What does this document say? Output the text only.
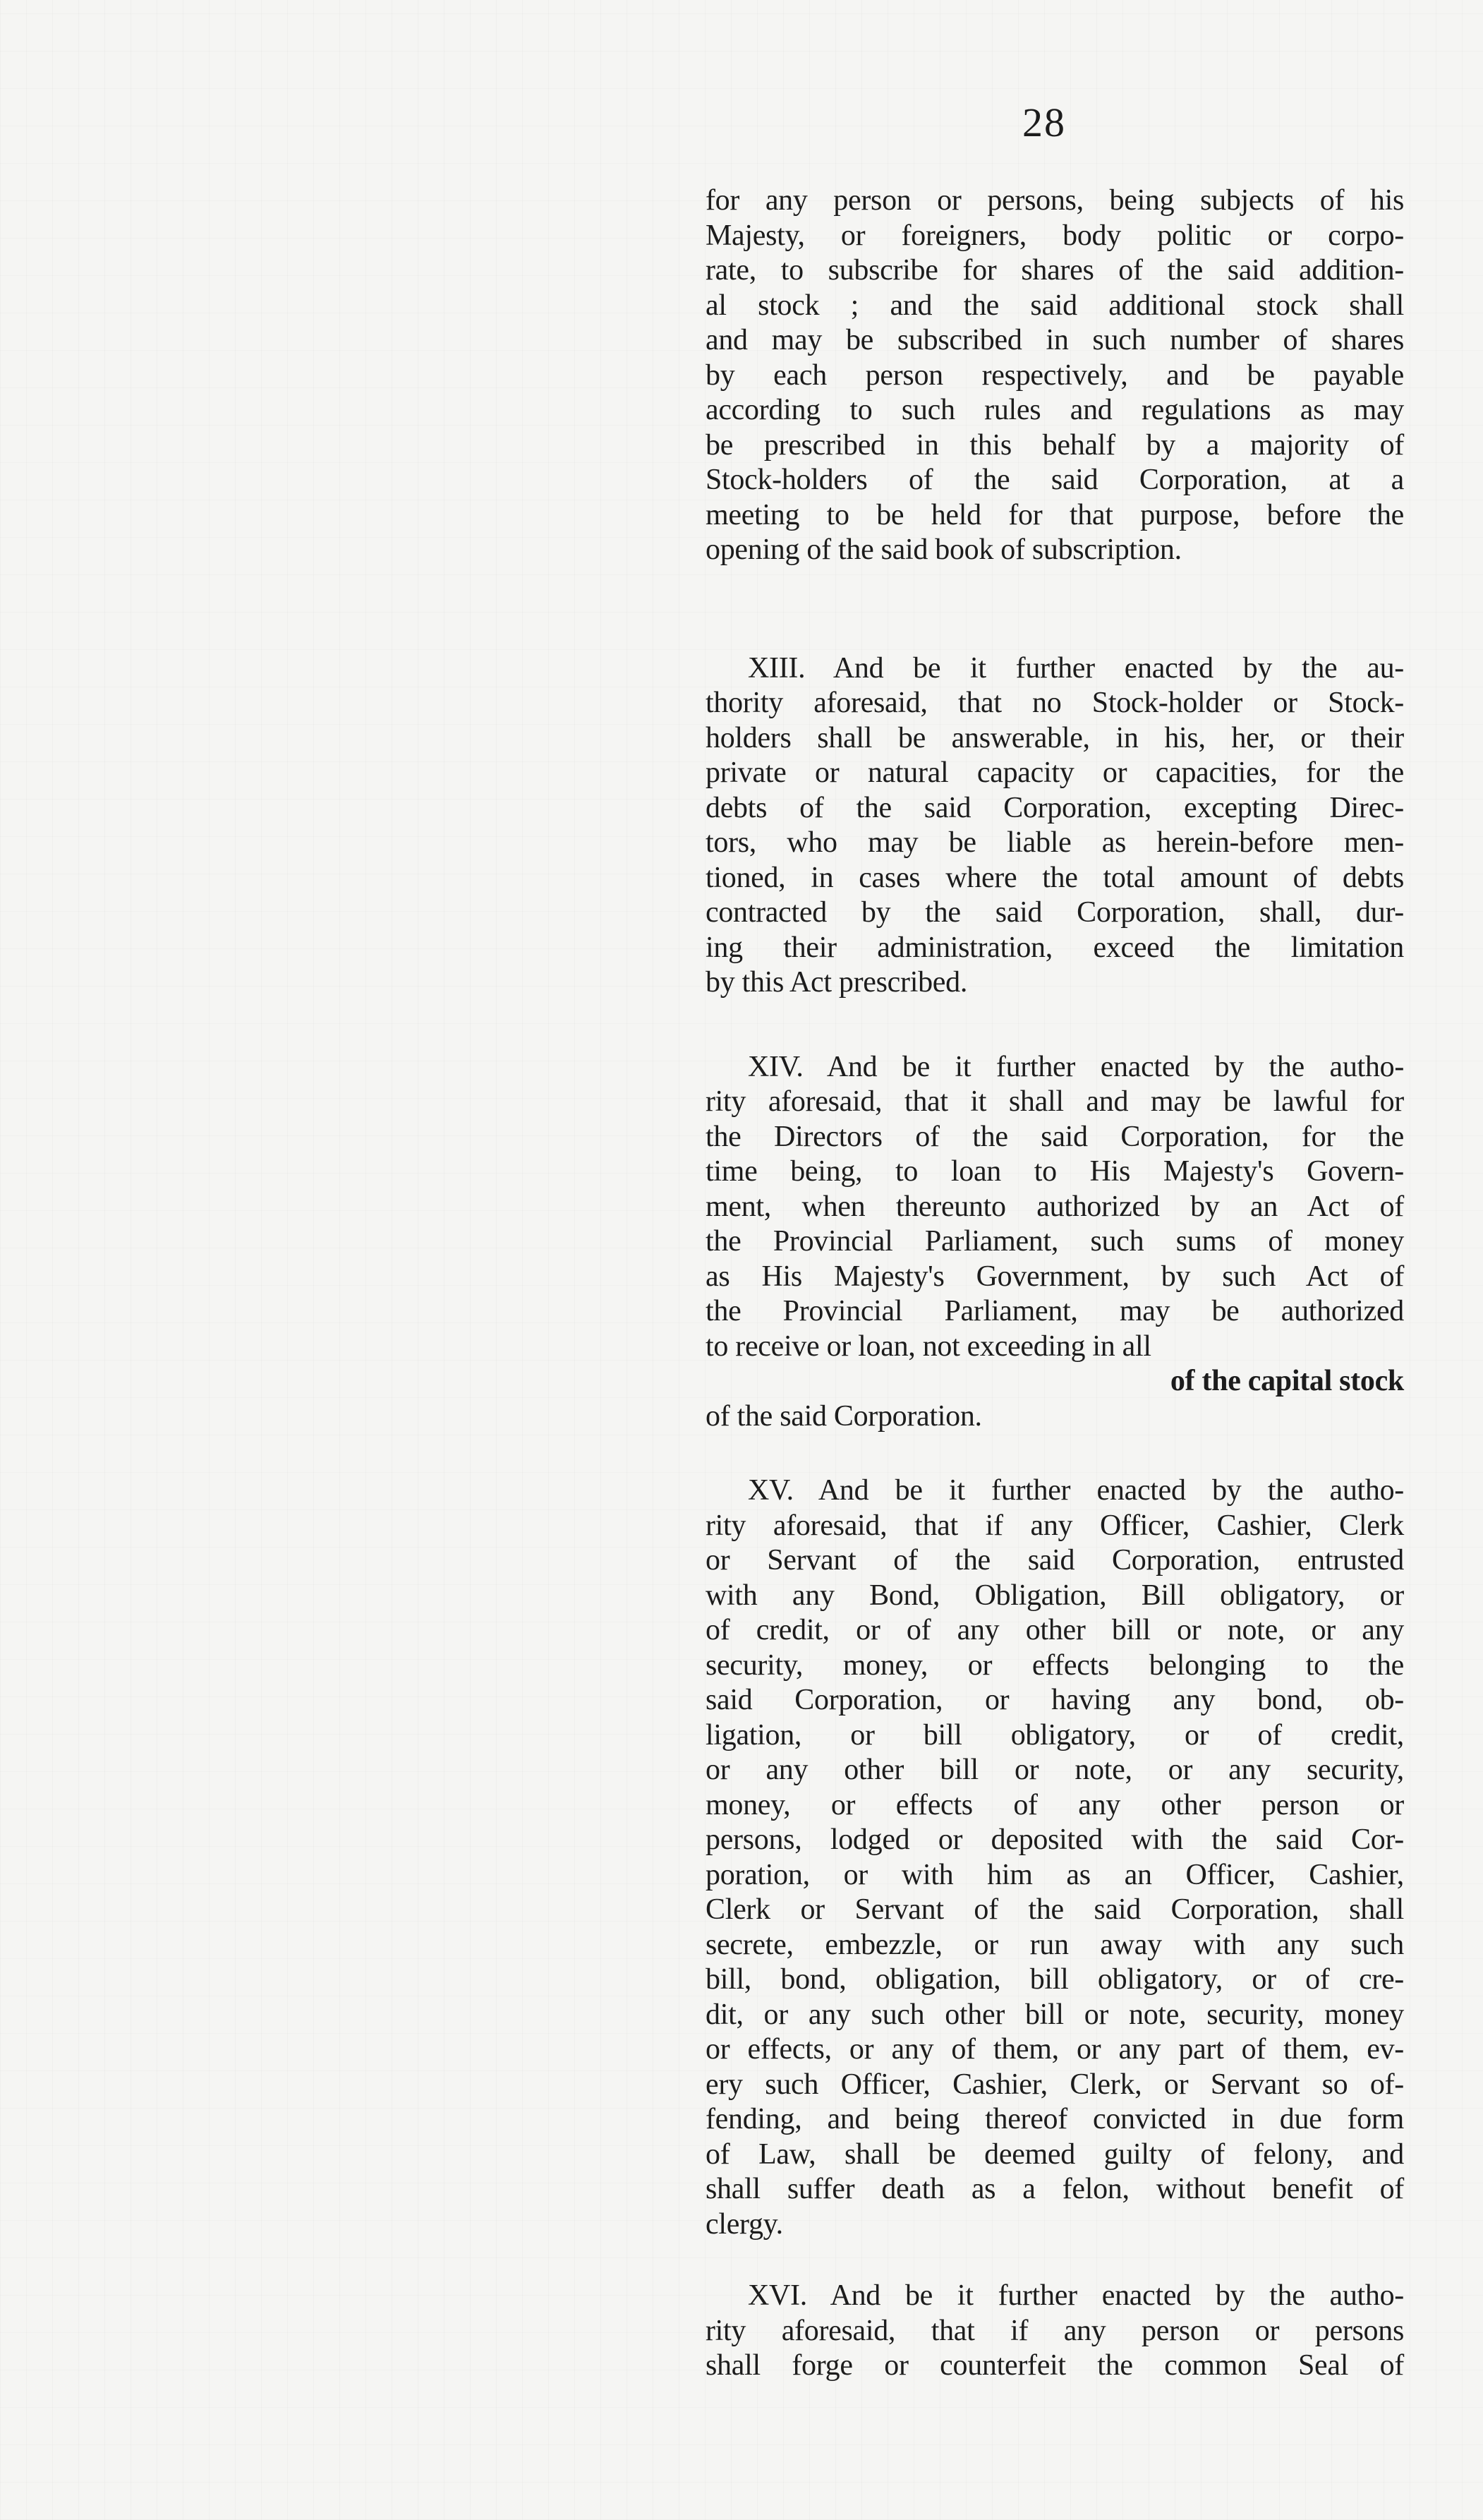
28

for any person or persons, being subjects of his
Majesty, or foreigners, body politic or corpo-
rate, to subscribe for shares of the said addition-
al stock ; and the said additional stock shall
and may be subscribed in such number of shares
by each person respectively, and be payable
according to such rules and regulations as may
be prescribed in this behalf by a majority of
Stock-holders of the said Corporation, at a
meeting to be held for that purpose, before the
opening of the said book of subscription.

XIII. And be it further enacted by the au-
thority aforesaid, that no Stock-holder or Stock-
holders shall be answerable, in his, her, or their
private or natural capacity or capacities, for the
debts of the said Corporation, excepting Direc-
tors, who may be liable as herein-before men-
tioned, in cases where the total amount of debts
contracted by the said Corporation, shall, dur-
ing their administration, exceed the limitation
by this Act prescribed.

XIV. And be it further enacted by the autho-
rity aforesaid, that it shall and may be lawful for
the Directors of the said Corporation, for the
time being, to loan to His Majesty's Govern-
ment, when thereunto authorized by an Act of
the Provincial Parliament, such sums of money
as His Majesty's Government, by such Act of
the Provincial Parliament, may be authorized
to receive or loan, not exceeding in all
of the capital stock
of the said Corporation.

XV. And be it further enacted by the autho-
rity aforesaid, that if any Officer, Cashier, Clerk
or Servant of the said Corporation, entrusted
with any Bond, Obligation, Bill obligatory, or
of credit, or of any other bill or note, or any
security, money, or effects belonging to the
said Corporation, or having any bond, ob-
ligation, or bill obligatory, or of credit,
or any other bill or note, or any security,
money, or effects of any other person or
persons, lodged or deposited with the said Cor-
poration, or with him as an Officer, Cashier,
Clerk or Servant of the said Corporation, shall
secrete, embezzle, or run away with any such
bill, bond, obligation, bill obligatory, or of cre-
dit, or any such other bill or note, security, money
or effects, or any of them, or any part of them, ev-
ery such Officer, Cashier, Clerk, or Servant so of-
fending, and being thereof convicted in due form
of Law, shall be deemed guilty of felony, and
shall suffer death as a felon, without benefit of
clergy.

XVI. And be it further enacted by the autho-
rity aforesaid, that if any person or persons
shall forge or counterfeit the common Seal of
